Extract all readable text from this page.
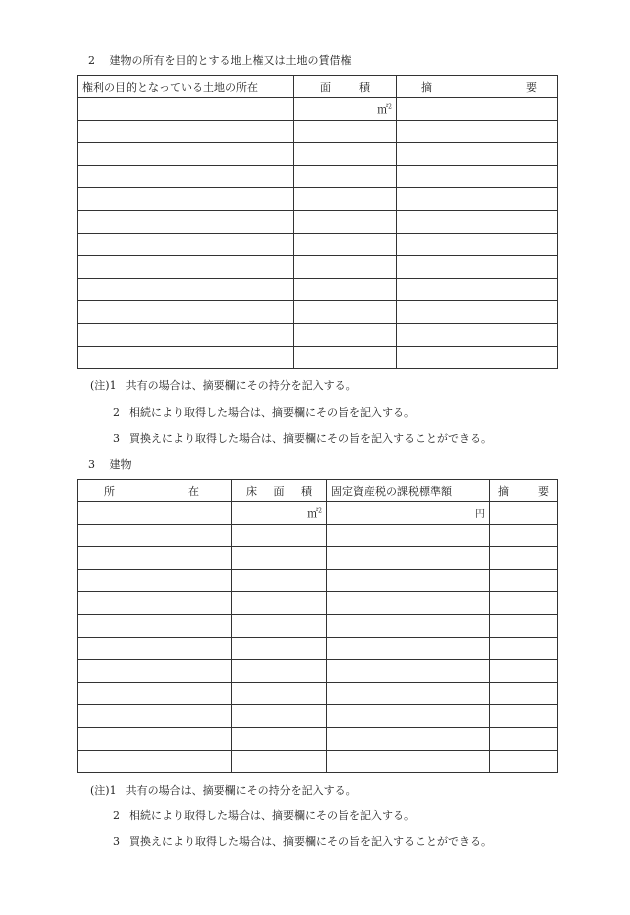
2 建物の所有を目的とする地上権又は土地の賃借権
権利の目的となっている土地の所在	面 積	摘 要

	㎡$^2$	

(注)1 共有の場合は、摘要欄にその持分を記入する。
2 相続により取得した場合は、摘要欄にその旨を記入する。
3 買換えにより取得した場合は、摘要欄にその旨を記入することができる。
3 建物
所 在	床 面 積	固定資産税の課税標準額	摘 要

	㎡$^2$	円	

(注)1 共有の場合は、摘要欄にその持分を記入する。
2 相続により取得した場合は、摘要欄にその旨を記入する。
3 買換えにより取得した場合は、摘要欄にその旨を記入することができる。
